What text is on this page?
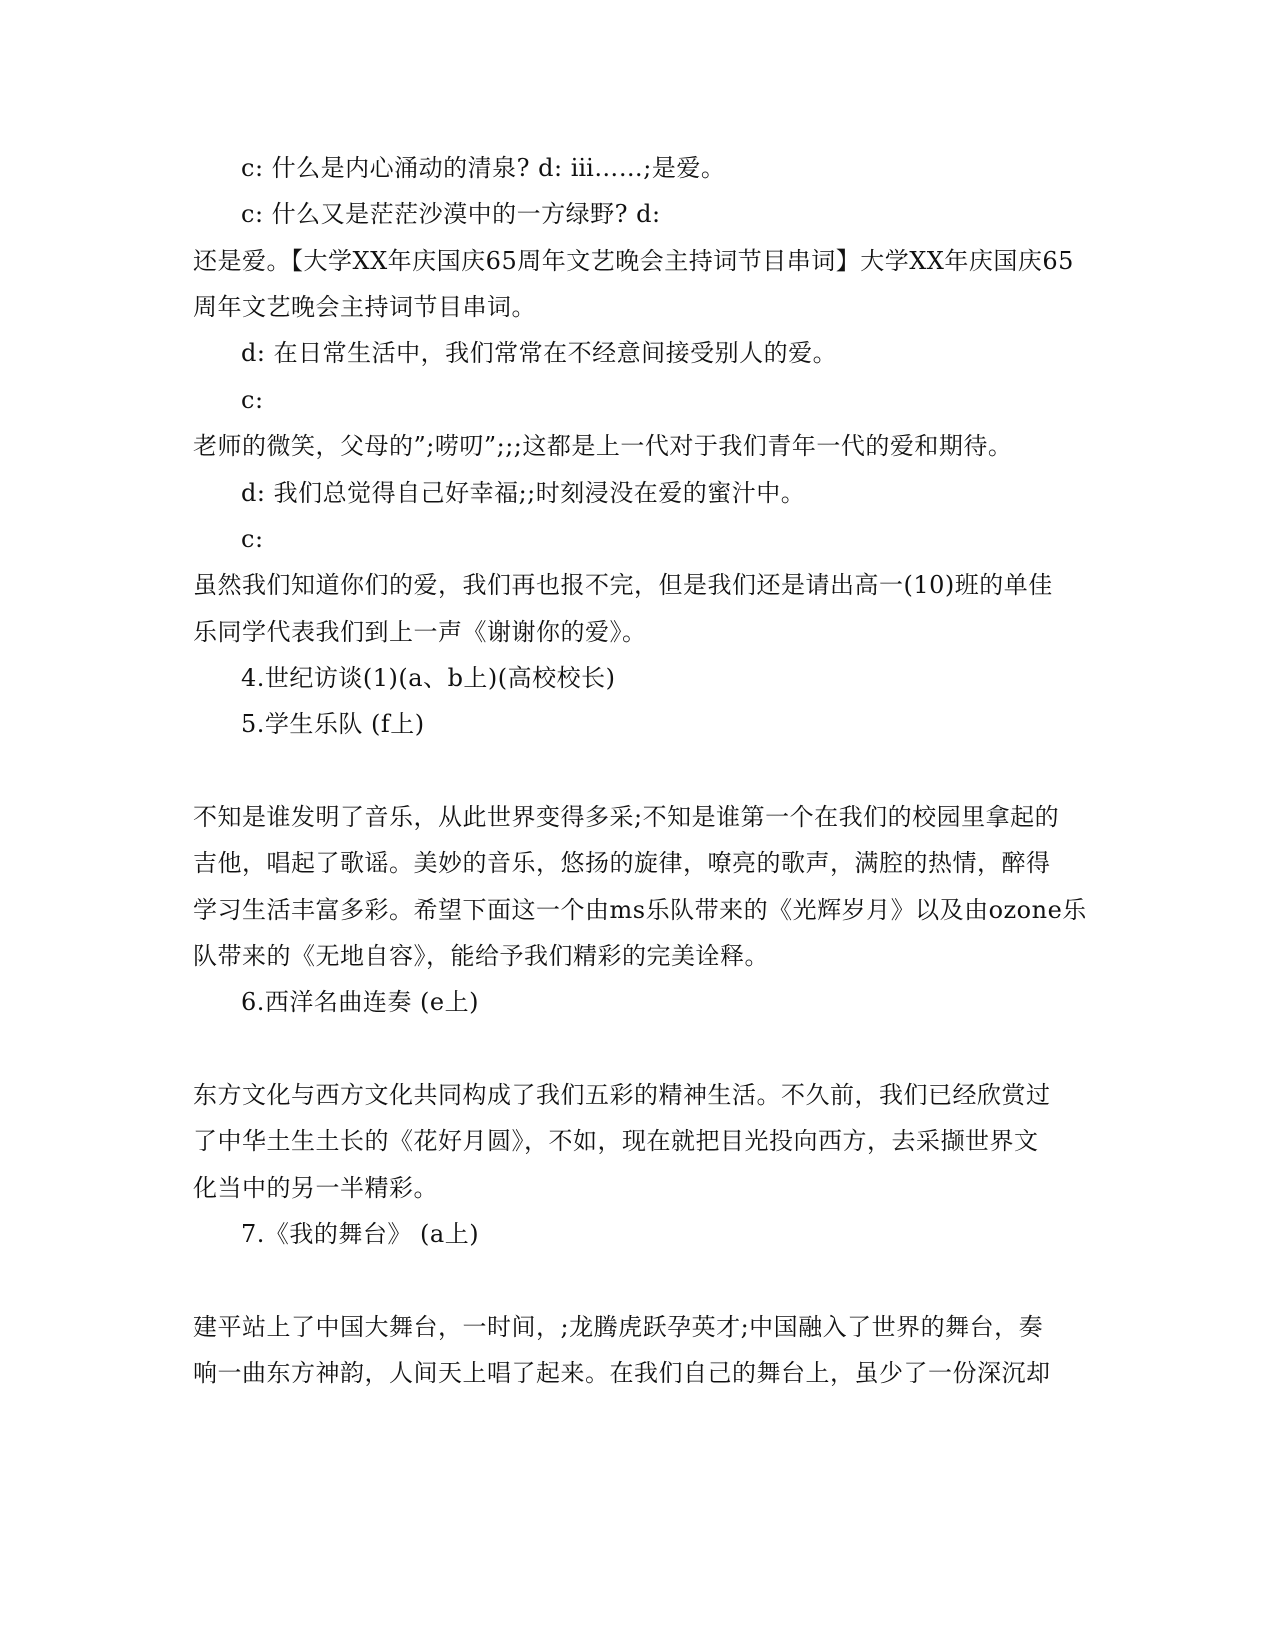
c: 什么是内心涌动的清泉? d: ⅲ……;是爱。
c: 什么又是茫茫沙漠中的一方绿野? d:
还是爱。【大学XX年庆国庆65周年文艺晚会主持词节目串词】大学XX年庆国庆65
周年文艺晚会主持词节目串词。
d: 在日常生活中，我们常常在不经意间接受别人的爱。
c:
老师的微笑，父母的”;唠叨”;;;这都是上一代对于我们青年一代的爱和期待。
d: 我们总觉得自己好幸福;;时刻浸没在爱的蜜汁中。
c:
虽然我们知道你们的爱，我们再也报不完，但是我们还是请出高一(10)班的单佳
乐同学代表我们到上一声《谢谢你的爱》。
4.世纪访谈(1)(a、b上)(高校校长)
5.学生乐队 (f上)
不知是谁发明了音乐，从此世界变得多采;不知是谁第一个在我们的校园里拿起的
吉他，唱起了歌谣。美妙的音乐，悠扬的旋律，嘹亮的歌声，满腔的热情，醉得
学习生活丰富多彩。希望下面这一个由ms乐队带来的《光辉岁月》以及由ozone乐
队带来的《无地自容》，能给予我们精彩的完美诠释。
6.西洋名曲连奏 (e上)
东方文化与西方文化共同构成了我们五彩的精神生活。不久前，我们已经欣赏过
了中华土生土长的《花好月圆》，不如，现在就把目光投向西方，去采撷世界文
化当中的另一半精彩。
7.《我的舞台》 (a上)
建平站上了中国大舞台，一时间，;龙腾虎跃孕英才;中国融入了世界的舞台，奏
响一曲东方神韵，人间天上唱了起来。在我们自己的舞台上，虽少了一份深沉却
